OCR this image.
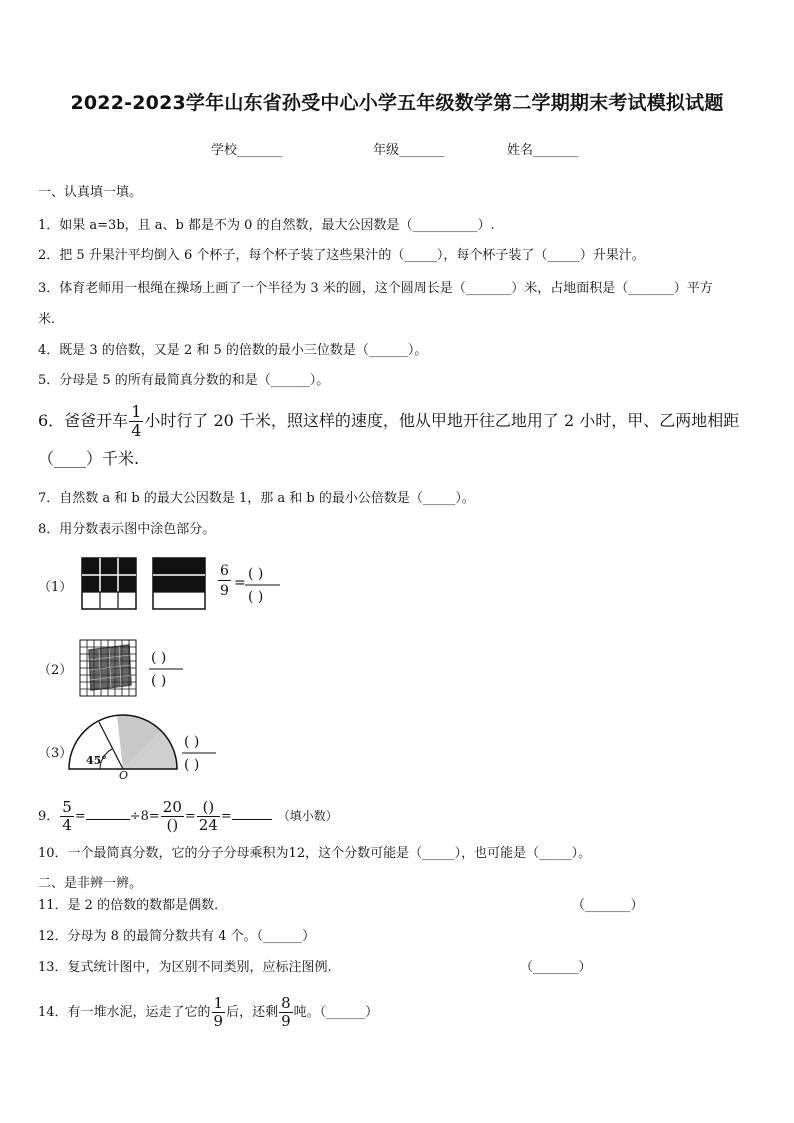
2022-2023学年山东省孙受中心小学五年级数学第二学期期末考试模拟试题
学校_______	年级_______	姓名_______
一、认真填一填。
1．如果 a=3b，且 a、b 都是不为 0 的自然数，最大公因数是（__________）.
2．把 5 升果汁平均倒入 6 个杯子，每个杯子装了这些果汁的（_____），每个杯子装了（_____）升果汁。
3．体育老师用一根绳在操场上画了一个半径为 3 米的圆，这个圆周长是（_______）米，占地面积是（_______）平方
米.
4．既是 3 的倍数，又是 2 和 5 的倍数的最小三位数是（______）。
5．分母是 5 的所有最简真分数的和是（______）。
6．爸爸开车 $\frac{1}{4}$ 小时行了 20 千米，照这样的速度，他从甲地开往乙地用了 2 小时，甲、乙两地相距
（____）千米.
7．自然数 a 和 b 的最大公因数是 1，那 a 和 b 的最小公倍数是（_____）。
8．用分数表示图中涂色部分。
（1）	$\frac{6}{9}$ =
( )
( )
（2）
( )
( )
（3） 45°
O
( )
( )
9． $\frac{5}{4}$ =	$\div 8= \frac{20}{()} = \frac{()}{24}$ =	（填小数）
10．一个最简真分数，它的分子分母乘积为12，这个分数可能是（_____），也可能是（_____）。
二、是非辨一辨。
11．是 2 的倍数的数都是偶数．	（_______）
12．分母为 8 的最简分数共有 4 个。（______）
13．复式统计图中，为区别不同类别，应标注图例.	（_______）
14．有一堆水泥，运走了它的 $\frac{1}{9}$ 后，还剩 $\frac{8}{9}$ 吨。（______）
